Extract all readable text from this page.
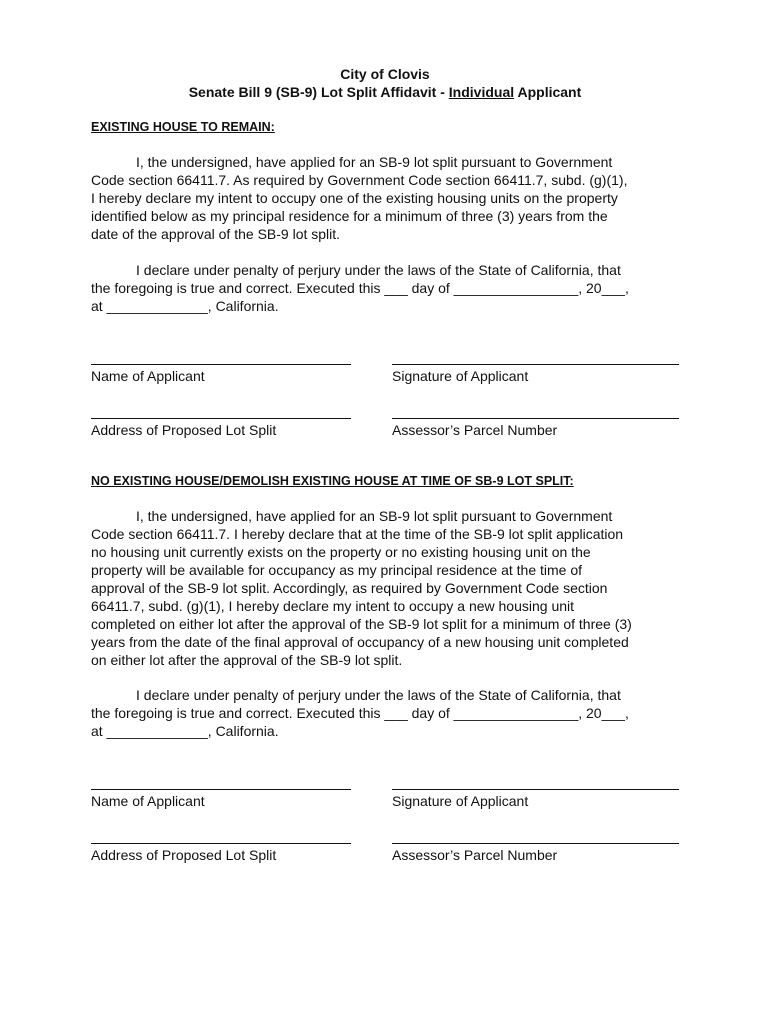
City of Clovis
Senate Bill 9 (SB-9) Lot Split Affidavit - Individual Applicant
EXISTING HOUSE TO REMAIN:

I, the undersigned, have applied for an SB-9 lot split pursuant to Government
Code section 66411.7. As required by Government Code section 66411.7, subd. (g)(1),
I hereby declare my intent to occupy one of the existing housing units on the property
identified below as my principal residence for a minimum of three (3) years from the
date of the approval of the SB-9 lot split.

I declare under penalty of perjury under the laws of the State of California, that
the foregoing is true and correct. Executed this ___ day of ________________, 20___,
at _____________, California.

Name of Applicant	Signature of Applicant
Address of Proposed Lot Split	Assessor’s Parcel Number
NO EXISTING HOUSE/DEMOLISH EXISTING HOUSE AT TIME OF SB-9 LOT SPLIT:

I, the undersigned, have applied for an SB-9 lot split pursuant to Government
Code section 66411.7. I hereby declare that at the time of the SB-9 lot split application
no housing unit currently exists on the property or no existing housing unit on the
property will be available for occupancy as my principal residence at the time of
approval of the SB-9 lot split. Accordingly, as required by Government Code section
66411.7, subd. (g)(1), I hereby declare my intent to occupy a new housing unit
completed on either lot after the approval of the SB-9 lot split for a minimum of three (3)
years from the date of the final approval of occupancy of a new housing unit completed
on either lot after the approval of the SB-9 lot split.

I declare under penalty of perjury under the laws of the State of California, that
the foregoing is true and correct. Executed this ___ day of ________________, 20___,
at _____________, California.

Name of Applicant	Signature of Applicant
Address of Proposed Lot Split	Assessor’s Parcel Number
